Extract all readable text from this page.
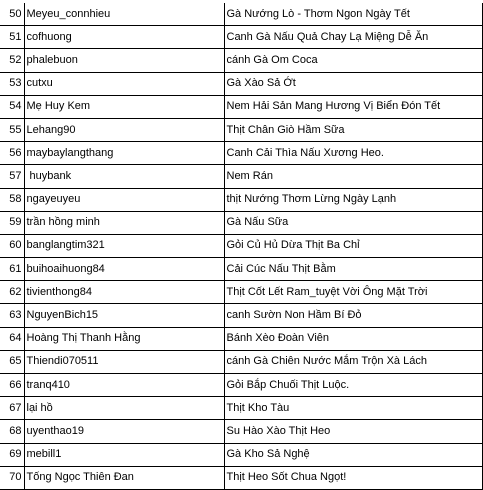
50	Meyeu_connhieu	Gà Nướng Lò - Thơm Ngon Ngày Tết
51	cofhuong	Canh Gà Nấu Quả Chay Lạ Miệng Dễ Ăn
52	phalebuon	cánh Gà Om Coca
53	cutxu	Gà Xào Sả Ớt
54	Mẹ Huy Kem	Nem Hải Sản Mang Hương Vị Biển Đón Tết
55	Lehang90	Thịt Chân Giò Hầm Sữa
56	maybaylangthang	Canh Cải Thìa Nấu Xương Heo.
57	huybank	Nem Rán
58	ngayeuyeu	thịt Nướng Thơm Lừng Ngày Lạnh
59	trần hồng minh	Gà Nấu Sữa
60	banglangtim321	Gỏi Củ Hủ Dừa Thịt Ba Chỉ
61	buihoaihuong84	Cải Cúc Nấu Thịt Bằm
62	tivienthong84	Thịt Cốt Lết Ram_tuyệt Vời Ông Mặt Trời
63	NguyenBich15	canh Sườn Non Hầm Bí Đỏ
64	Hoàng Thị Thanh Hằng	Bánh Xèo Đoàn Viên
65	Thiendi070511	cánh Gà Chiên Nước Mắm Trộn Xà Lách
66	tranq410	Gỏi Bắp Chuối Thịt Luộc.
67	lại hồ	Thịt Kho Tàu
68	uyenthao19	Su Hào Xào Thịt Heo
69	mebill1	Gà Kho Sả Nghệ
70	Tống Ngọc Thiên Đan	Thịt Heo Sốt Chua Ngọt!
